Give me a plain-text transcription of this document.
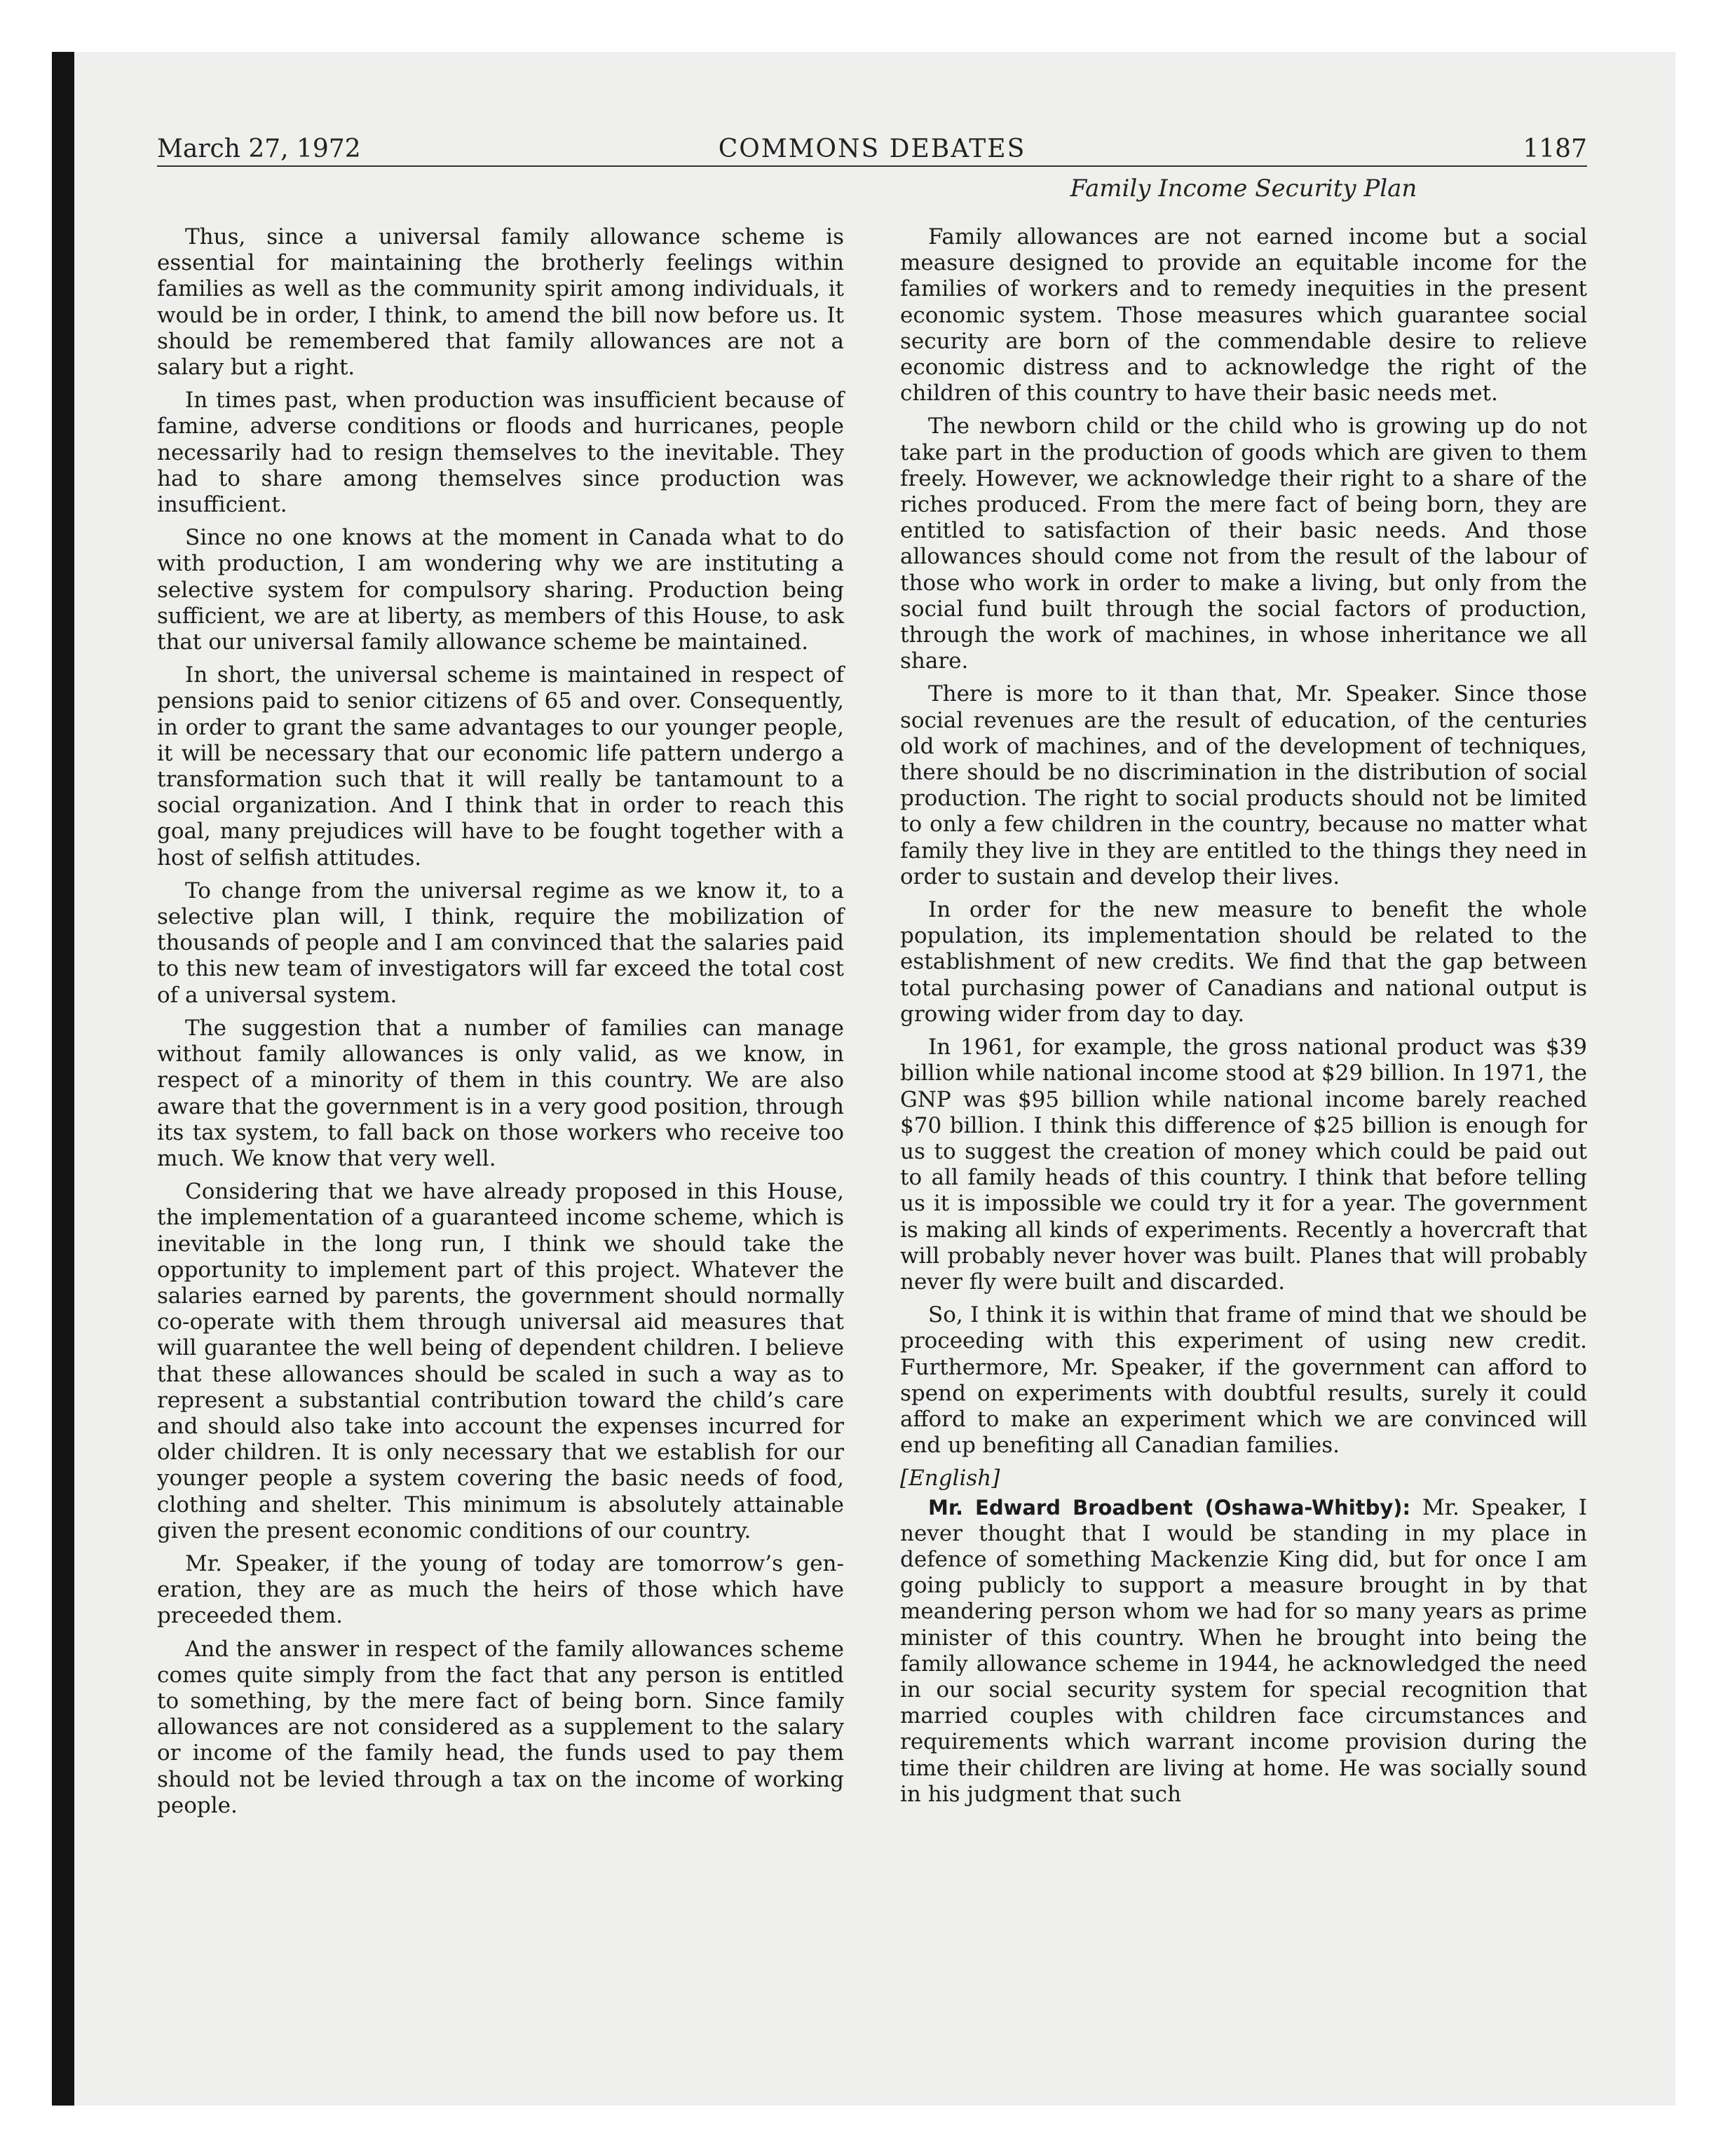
COMMONS DEBATES
March 27, 1972	1187
Family Income Security Plan

Thus, since a universal family allowance scheme is essential for maintaining the brotherly feelings within families as well as the community spirit among individuals, it would be in order, I think, to amend the bill now before us. It should be remembered that family allowances are not a salary but a right.

In times past, when production was insufficient because of famine, adverse conditions or floods and hurricanes, people necessarily had to resign themselves to the inevitable. They had to share among themselves since production was insufficient.

Since no one knows at the moment in Canada what to do with production, I am wondering why we are instituting a selective system for compulsory sharing. Production being sufficient, we are at liberty, as members of this House, to ask that our universal family allowance scheme be maintained.

In short, the universal scheme is maintained in respect of pensions paid to senior citizens of 65 and over. Consequently, in order to grant the same advantages to our younger people, it will be necessary that our economic life pattern undergo a transformation such that it will really be tantamount to a social organization. And I think that in order to reach this goal, many prejudices will have to be fought together with a host of selfish attitudes.

To change from the universal regime as we know it, to a selective plan will, I think, require the mobilization of thousands of people and I am convinced that the salaries paid to this new team of investigators will far exceed the total cost of a universal system.

The suggestion that a number of families can manage without family allowances is only valid, as we know, in respect of a minority of them in this country. We are also aware that the government is in a very good position, through its tax system, to fall back on those workers who receive too much. We know that very well.

Considering that we have already proposed in this House, the implementation of a guaranteed income scheme, which is inevitable in the long run, I think we should take the opportunity to implement part of this project. Whatever the salaries earned by parents, the government should normally co-operate with them through universal aid measures that will guarantee the well being of dependent children. I believe that these allowances should be scaled in such a way as to represent a substantial contribution toward the child’s care and should also take into account the expenses incurred for older children. It is only necessary that we establish for our younger people a system covering the basic needs of food, clothing and shelter. This minimum is absolutely attainable given the present economic conditions of our country.

Mr. Speaker, if the young of today are tomorrow’s generation, they are as much the heirs of those which have preceeded them.

And the answer in respect of the family allowances scheme comes quite simply from the fact that any person is entitled to something, by the mere fact of being born. Since family allowances are not considered as a supplement to the salary or income of the family head, the funds used to pay them should not be levied through a tax on the income of working people.

Family allowances are not earned income but a social measure designed to provide an equitable income for the families of workers and to remedy inequities in the present economic system. Those measures which guarantee social security are born of the commendable desire to relieve economic distress and to acknowledge the right of the children of this country to have their basic needs met.

The newborn child or the child who is growing up do not take part in the production of goods which are given to them freely. However, we acknowledge their right to a share of the riches produced. From the mere fact of being born, they are entitled to satisfaction of their basic needs. And those allowances should come not from the result of the labour of those who work in order to make a living, but only from the social fund built through the social factors of production, through the work of machines, in whose inheritance we all share.

There is more to it than that, Mr. Speaker. Since those social revenues are the result of education, of the centuries old work of machines, and of the development of techniques, there should be no discrimination in the distribution of social production. The right to social products should not be limited to only a few children in the country, because no matter what family they live in they are entitled to the things they need in order to sustain and develop their lives.

In order for the new measure to benefit the whole population, its implementation should be related to the establishment of new credits. We find that the gap between total purchasing power of Canadians and national output is growing wider from day to day.

In 1961, for example, the gross national product was $39 billion while national income stood at $29 billion. In 1971, the GNP was $95 billion while national income barely reached $70 billion. I think this difference of $25 billion is enough for us to suggest the creation of money which could be paid out to all family heads of this country. I think that before telling us it is impossible we could try it for a year. The government is making all kinds of experiments. Recently a hovercraft that will probably never hover was built. Planes that will probably never fly were built and discarded.

So, I think it is within that frame of mind that we should be proceeding with this experiment of using new credit. Furthermore, Mr. Speaker, if the government can afford to spend on experiments with doubtful results, surely it could afford to make an experiment which we are convinced will end up benefiting all Canadian families.

[English]

Mr. Edward Broadbent (Oshawa-Whitby): Mr. Speaker, I never thought that I would be standing in my place in defence of something Mackenzie King did, but for once I am going publicly to support a measure brought in by that meandering person whom we had for so many years as prime minister of this country. When he brought into being the family allowance scheme in 1944, he acknowledged the need in our social security system for special recognition that married couples with children face circumstances and requirements which warrant income provision during the time their children are living at home. He was socially sound in his judgment that such
